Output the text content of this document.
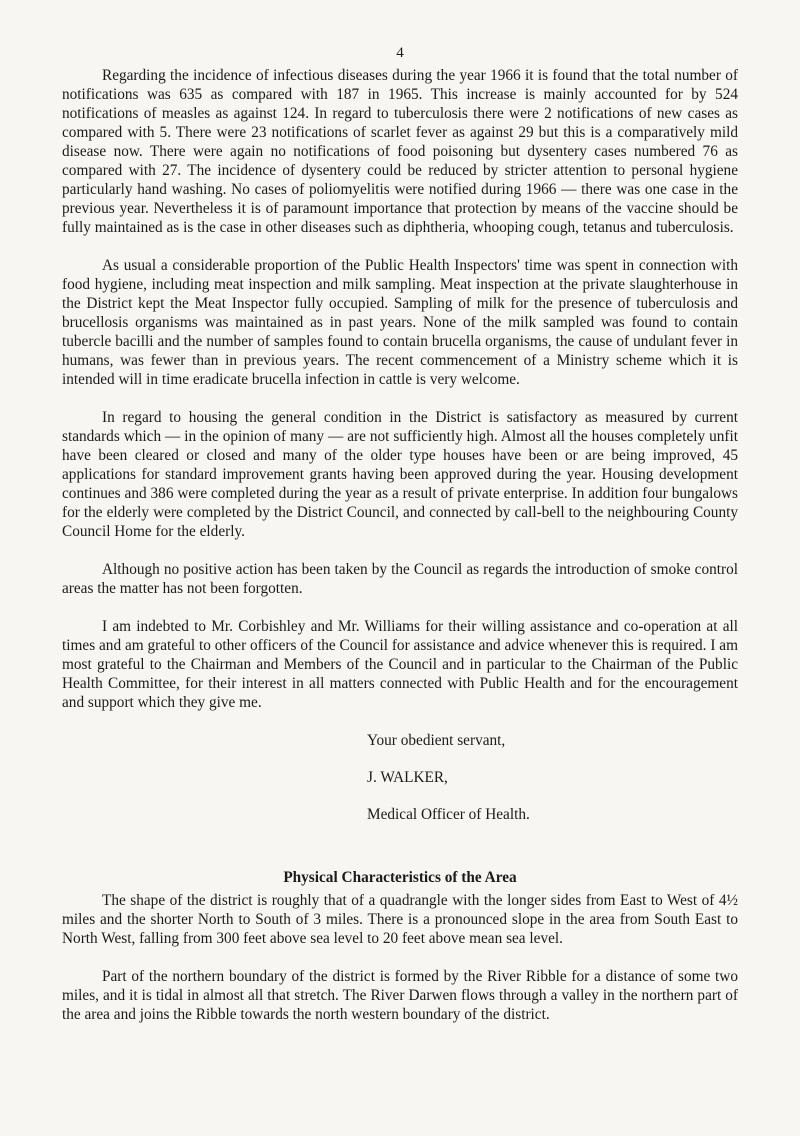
4

Regarding the incidence of infectious diseases during the year 1966 it is found that the total number of notifications was 635 as compared with 187 in 1965. This increase is mainly accounted for by 524 notifications of measles as against 124. In regard to tuberculosis there were 2 notifications of new cases as compared with 5. There were 23 notifications of scarlet fever as against 29 but this is a comparatively mild disease now. There were again no notifications of food poisoning but dysentery cases numbered 76 as compared with 27. The incidence of dysentery could be reduced by stricter attention to personal hygiene particularly hand washing. No cases of poliomyelitis were notified during 1966 — there was one case in the previous year. Nevertheless it is of paramount importance that protection by means of the vaccine should be fully maintained as is the case in other diseases such as diphtheria, whooping cough, tetanus and tuberculosis.

As usual a considerable proportion of the Public Health Inspectors' time was spent in connection with food hygiene, including meat inspection and milk sampling. Meat inspection at the private slaughterhouse in the District kept the Meat Inspector fully occupied. Sampling of milk for the presence of tuberculosis and brucellosis organisms was maintained as in past years. None of the milk sampled was found to contain tubercle bacilli and the number of samples found to contain brucella organisms, the cause of undulant fever in humans, was fewer than in previous years. The recent commencement of a Ministry scheme which it is intended will in time eradicate brucella infection in cattle is very welcome.

In regard to housing the general condition in the District is satisfactory as measured by current standards which — in the opinion of many — are not sufficiently high. Almost all the houses completely unfit have been cleared or closed and many of the older type houses have been or are being improved, 45 applications for standard improvement grants having been approved during the year. Housing development continues and 386 were completed during the year as a result of private enterprise. In addition four bungalows for the elderly were completed by the District Council, and connected by call-bell to the neighbouring County Council Home for the elderly.

Although no positive action has been taken by the Council as regards the introduction of smoke control areas the matter has not been forgotten.

I am indebted to Mr. Corbishley and Mr. Williams for their willing assistance and co-operation at all times and am grateful to other officers of the Council for assistance and advice whenever this is required. I am most grateful to the Chairman and Members of the Council and in particular to the Chairman of the Public Health Committee, for their interest in all matters connected with Public Health and for the encouragement and support which they give me.

Your obedient servant,
J. WALKER,
Medical Officer of Health.
Physical Characteristics of the Area

The shape of the district is roughly that of a quadrangle with the longer sides from East to West of 4½ miles and the shorter North to South of 3 miles. There is a pronounced slope in the area from South East to North West, falling from 300 feet above sea level to 20 feet above mean sea level.

Part of the northern boundary of the district is formed by the River Ribble for a distance of some two miles, and it is tidal in almost all that stretch. The River Darwen flows through a valley in the northern part of the area and joins the Ribble towards the north western boundary of the district.
